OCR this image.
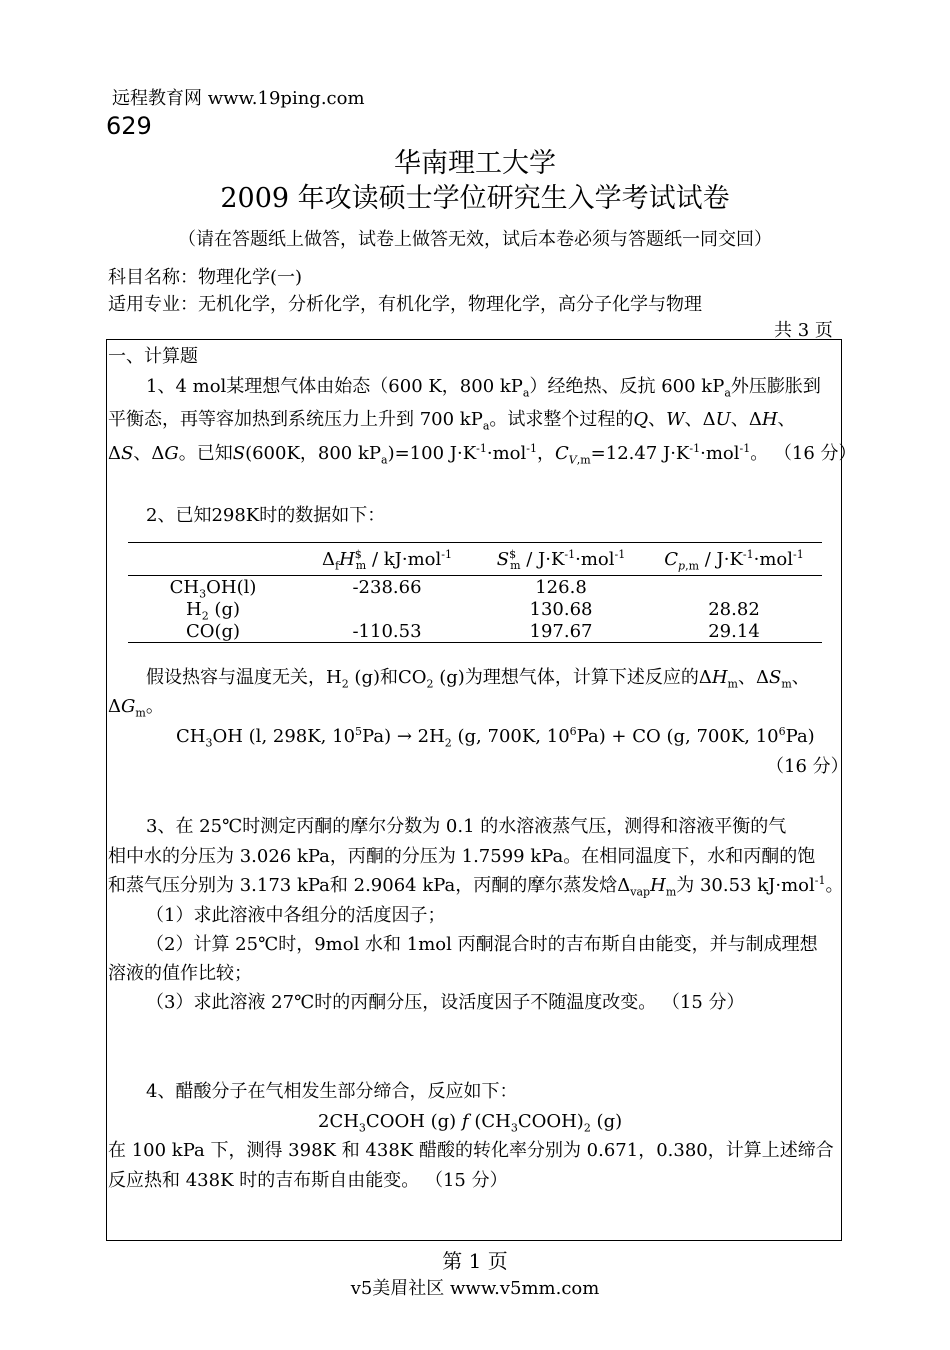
远程教育网 www.19ping.com
629
华南理工大学
2009 年攻读硕士学位研究生入学考试试卷
（请在答题纸上做答，试卷上做答无效，试后本卷必须与答题纸一同交回）
科目名称：物理化学(一)
适用专业：无机化学，分析化学，有机化学，物理化学，高分子化学与物理
共 3 页
一、计算题
1、4 mol某理想气体由始态（600 K，800 $kP_a$）经绝热、反抗 600 $kP_a$外压膨胀到
平衡态，再等容加热到系统压力上升到 700 $kP_a$。试求整个过程的Q、W、ΔU、ΔH、
ΔS、ΔG。已知S(600K，800 $kP_a)=100$ $J\cdot K^{-1}\cdot mol^{-1}$，$C_{V,m}=12.47$ $J\cdot K^{-1}\cdot mol^{-1}$。 （16 分）
2、已知298K时的数据如下：
	$\Delta_fH^{\$}_m / kJ\cdot mol^{-1}$	$S^{\$}_m / J\cdot K^{-1}\cdot mol^{-1}$	$C_{p,m} / J\cdot K^{-1}\cdot mol^{-1}$
$CH_3OH(l)$	-238.66	126.8	
$H_2$ (g)		130.68	28.82
CO(g)	-110.53	197.67	29.14
假设热容与温度无关，$H_2$ (g)和$CO_2$ (g)为理想气体，计算下述反应的$\Delta H_m$、$\Delta S_m$、
$\Delta G_m$。
$CH_3OH$ (l, 298K, $10^5Pa) \to 2H_2$ (g, 700K, $10^6Pa$) + CO (g, 700K, $10^6Pa$)
（16 分）
3、在 25℃时测定丙酮的摩尔分数为 0.1 的水溶液蒸气压，测得和溶液平衡的气
相中水的分压为 3.026 kPa，丙酮的分压为 1.7599 kPa。在相同温度下，水和丙酮的饱
和蒸气压分别为 3.173 kPa和 2.9064 kPa，丙酮的摩尔蒸发焓$\Delta_{vap}H_m$为 30.53 kJ·mol$^{-1}$。
（1）求此溶液中各组分的活度因子；
（2）计算 25℃时，9mol 水和 1mol 丙酮混合时的吉布斯自由能变，并与制成理想
溶液的值作比较；
（3）求此溶液 27℃时的丙酮分压，设活度因子不随温度改变。 （15 分）
4、醋酸分子在气相发生部分缔合，反应如下：
$2CH_3COOH$ (g) f $(CH_3COOH)_2$ (g)
在 100 kPa 下，测得 398K 和 438K 醋酸的转化率分别为 0.671，0.380，计算上述缔合
反应热和 438K 时的吉布斯自由能变。 （15 分）
第 1 页
v5美眉社区 www.v5mm.com
